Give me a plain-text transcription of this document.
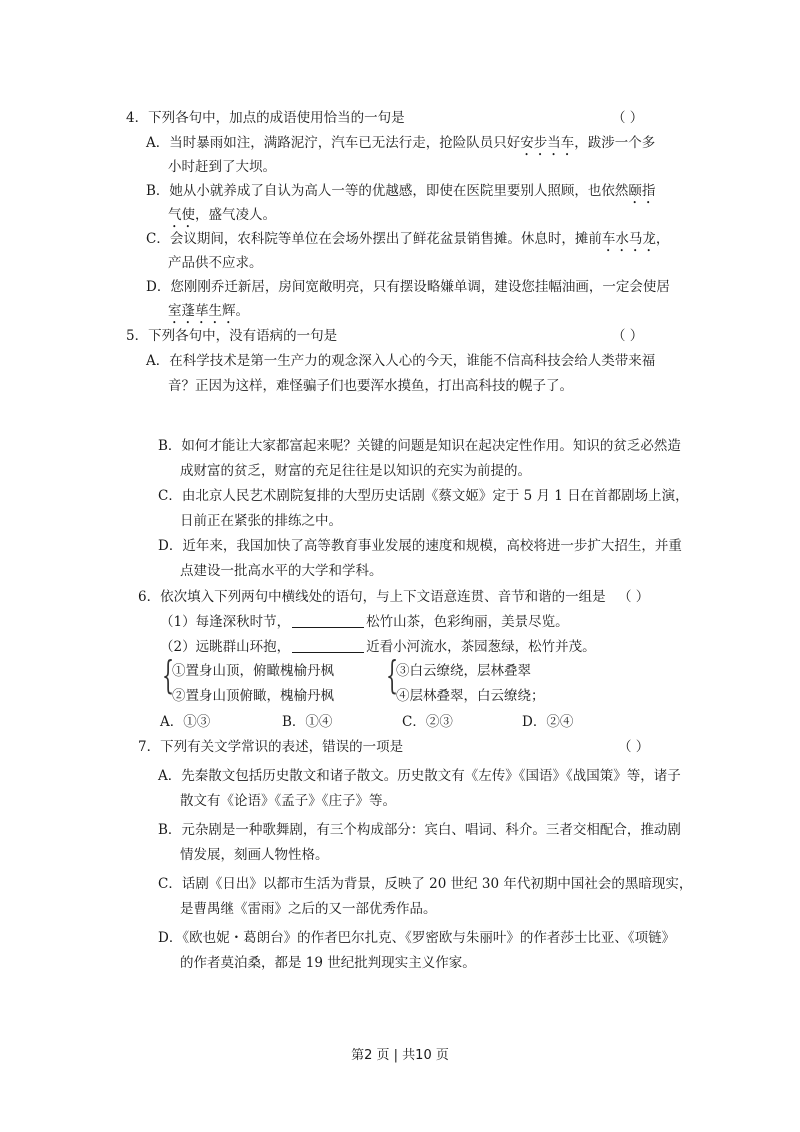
4．下列各句中，加点的成语使用恰当的一句是	（ ）
A．当时暴雨如注，满路泥泞，汽车已无法行走，抢险队员只好安步当车，跋涉一个多
小时赶到了大坝。
B．她从小就养成了自认为高人一等的优越感，即使在医院里要别人照顾，也依然颐指
气使，盛气凌人。
C．会议期间，农科院等单位在会场外摆出了鲜花盆景销售摊。休息时，摊前车水马龙，
产品供不应求。
D．您刚刚乔迁新居，房间宽敞明亮，只有摆设略嫌单调，建设您挂幅油画，一定会使居
室蓬荜生辉。
5．下列各句中，没有语病的一句是	（ ）
A．在科学技术是第一生产力的观念深入人心的今天，谁能不信高科技会给人类带来福
音？正因为这样，难怪骗子们也要浑水摸鱼，打出高科技的幌子了。
B．如何才能让大家都富起来呢？关键的问题是知识在起决定性作用。知识的贫乏必然造
成财富的贫乏，财富的充足往往是以知识的充实为前提的。
C．由北京人民艺术剧院复排的大型历史话剧《蔡文姬》定于 5 月 1 日在首都剧场上演，
日前正在紧张的排练之中。
D．近年来，我国加快了高等教育事业发展的速度和规模，高校将进一步扩大招生，并重
点建设一批高水平的大学和学科。
6．依次填入下列两句中横线处的语句，与上下文语意连贯、音节和谐的一组是 （ ）
（1）每逢深秋时节，	松竹山茶，色彩绚丽，美景尽览。
（2）远眺群山环抱，	近看小河流水，茶园葱绿，松竹并茂。
{
①置身山顶，俯瞰槐榆丹枫
②置身山顶俯瞰，槐榆丹枫 {
③白云缭绕，层林叠翠
④层林叠翠，白云缭绕；
A．①③	B．①④	C．②③	D．②④
7．下列有关文学常识的表述，错误的一项是	（ ）
A．先秦散文包括历史散文和诸子散文。历史散文有《左传》《国语》《战国策》等，诸子
散文有《论语》《孟子》《庄子》等。
B．元杂剧是一种歌舞剧，有三个构成部分：宾白、唱词、科介。三者交相配合，推动剧
情发展，刻画人物性格。
C．话剧《日出》以都市生活为背景，反映了 20 世纪 30 年代初期中国社会的黑暗现实，
是曹禺继《雷雨》之后的又一部优秀作品。
D．《欧也妮・葛朗台》的作者巴尔扎克、《罗密欧与朱丽叶》的作者莎士比亚、《项链》
的作者莫泊桑，都是 19 世纪批判现实主义作家。
第2 页 | 共10 页
